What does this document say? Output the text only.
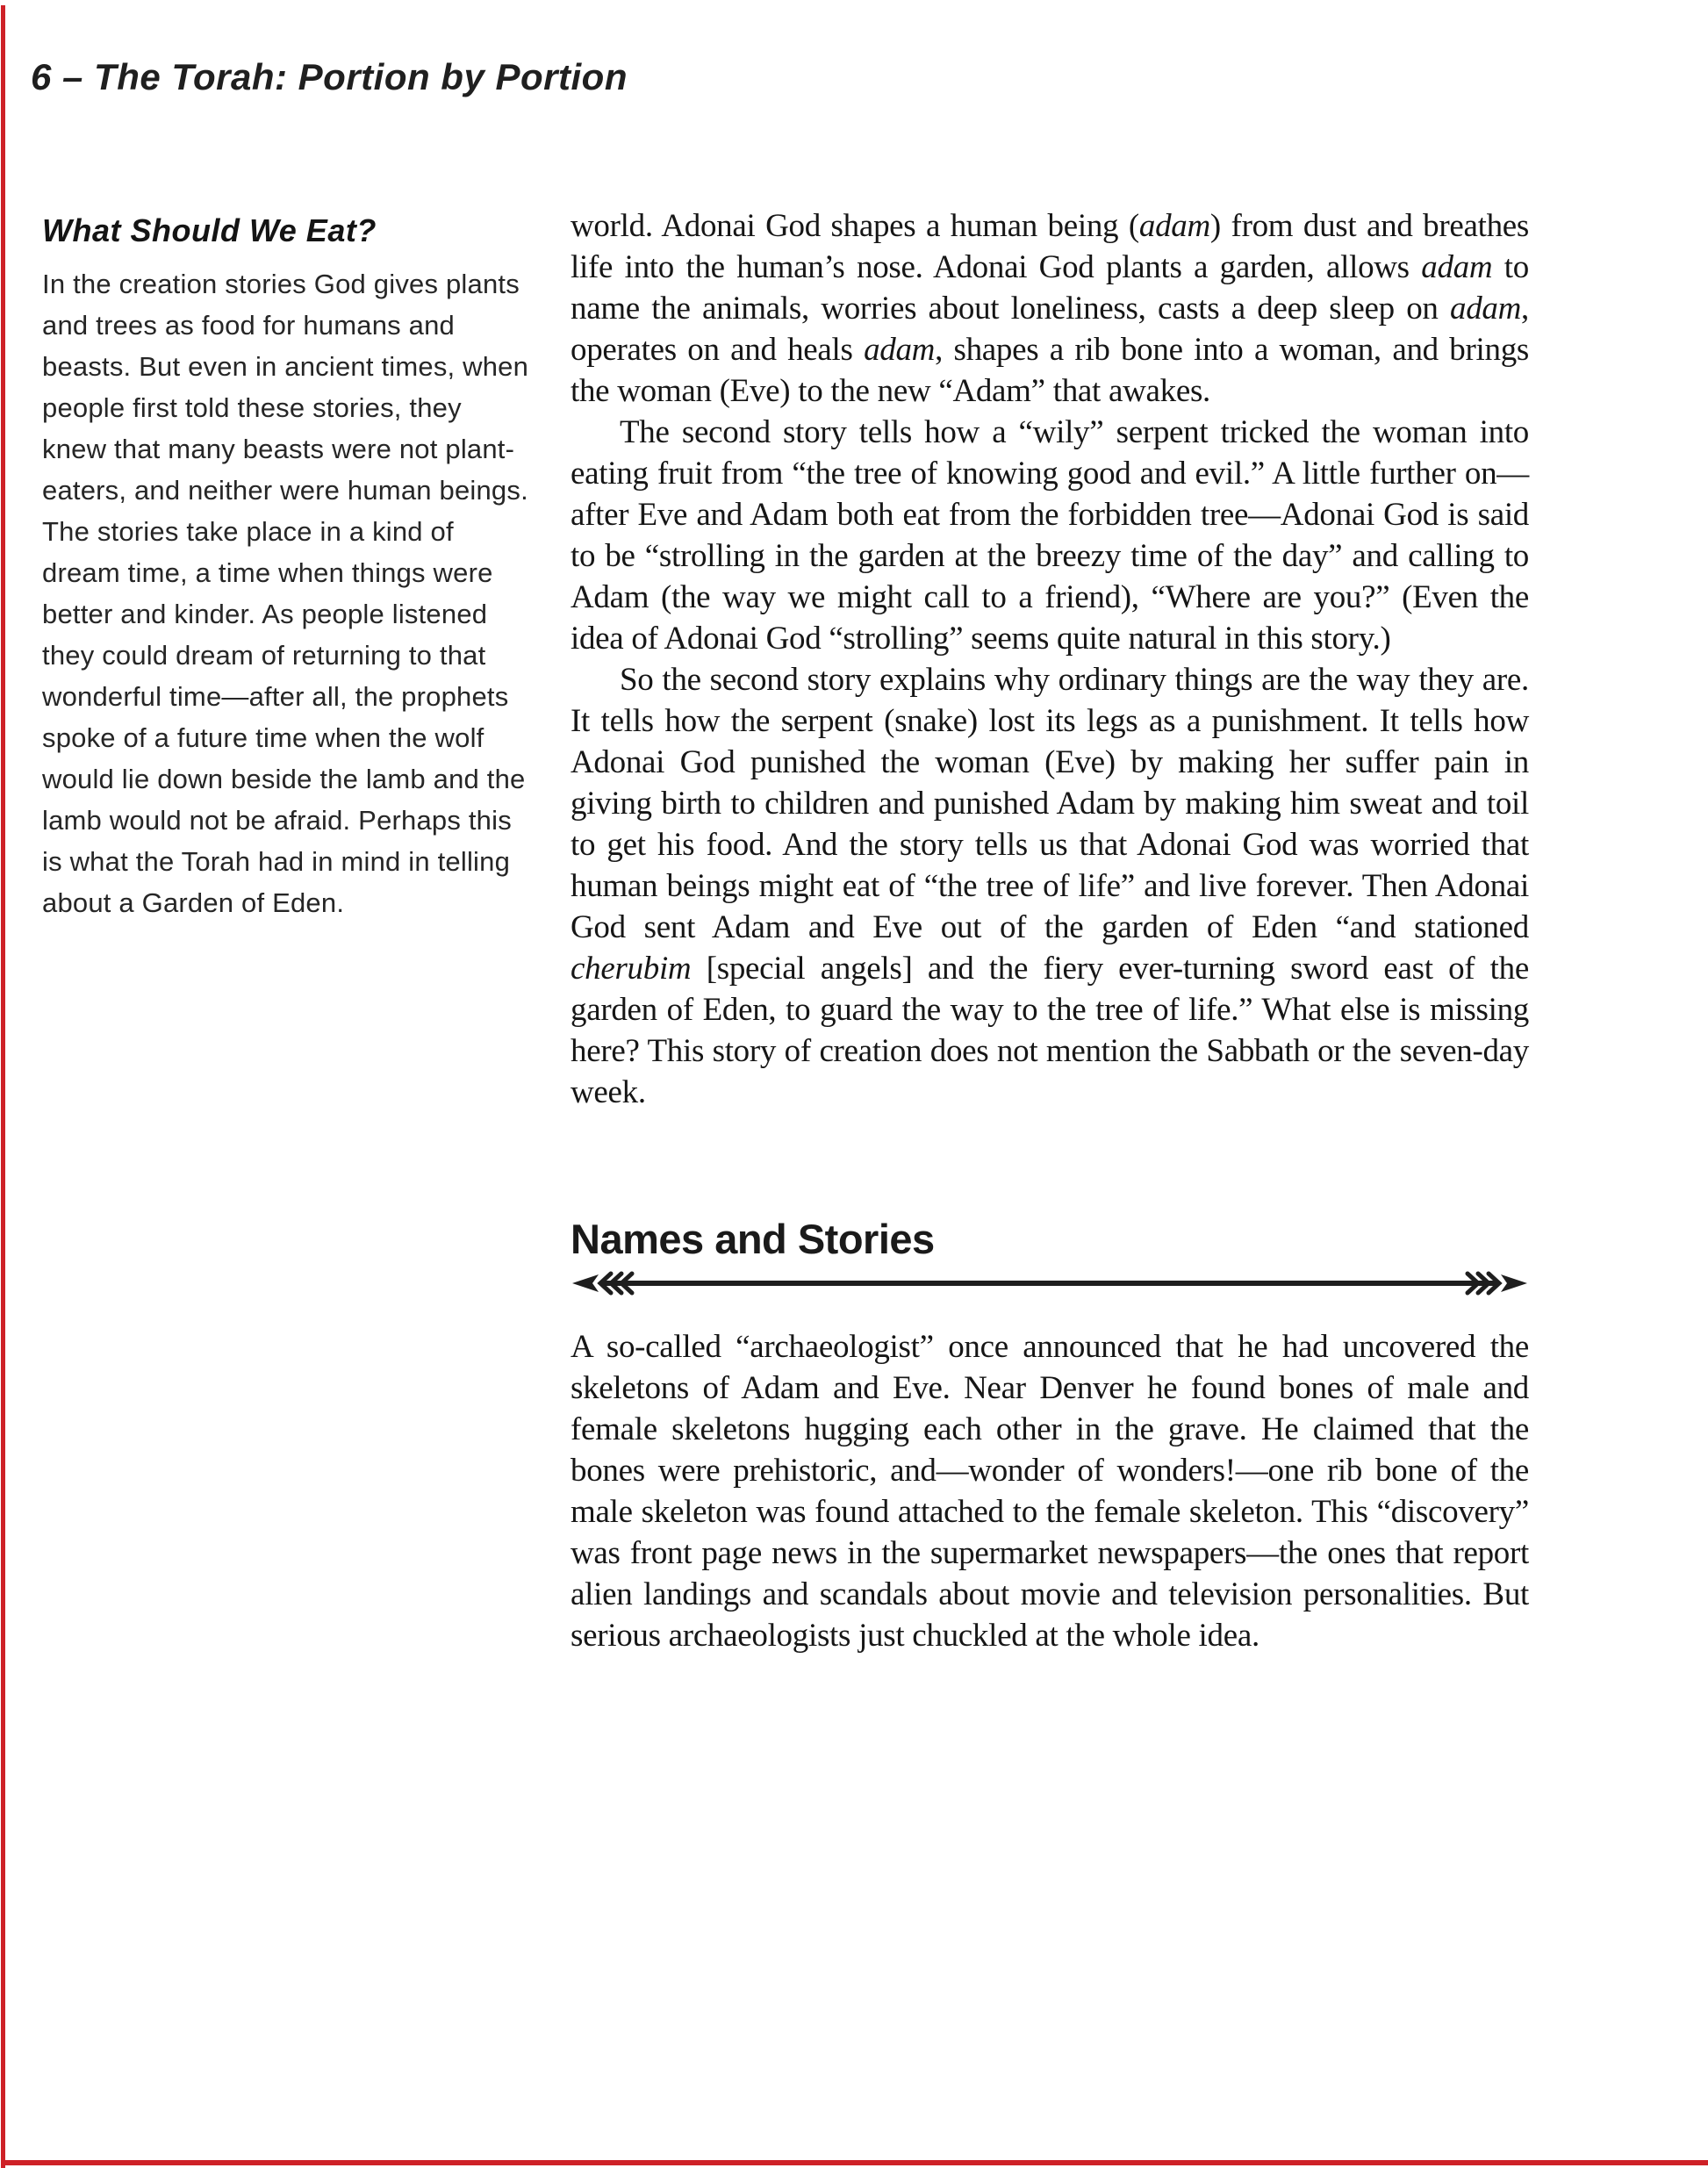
6 – The Torah: Portion by Portion
What Should We Eat?

In the creation stories God gives plants and trees as food for humans and beasts. But even in ancient times, when people first told these stories, they knew that many beasts were not plant-eaters, and neither were human beings. The stories take place in a kind of dream time, a time when things were better and kinder. As people listened they could dream of returning to that wonderful time—after all, the prophets spoke of a future time when the wolf would lie down beside the lamb and the lamb would not be afraid. Perhaps this is what the Torah had in mind in telling about a Garden of Eden.

world. Adonai God shapes a human being (adam) from dust and breathes life into the human’s nose. Adonai God plants a garden, allows adam to name the animals, worries about loneliness, casts a deep sleep on adam, operates on and heals adam, shapes a rib bone into a woman, and brings the woman (Eve) to the new “Adam” that awakes.

The second story tells how a “wily” serpent tricked the woman into eating fruit from “the tree of knowing good and evil.” A little further on—after Eve and Adam both eat from the forbidden tree—Adonai God is said to be “strolling in the garden at the breezy time of the day” and calling to Adam (the way we might call to a friend), “Where are you?” (Even the idea of Adonai God “strolling” seems quite natural in this story.)

So the second story explains why ordinary things are the way they are. It tells how the serpent (snake) lost its legs as a punishment. It tells how Adonai God punished the woman (Eve) by making her suffer pain in giving birth to children and punished Adam by making him sweat and toil to get his food. And the story tells us that Adonai God was worried that human beings might eat of “the tree of life” and live forever. Then Adonai God sent Adam and Eve out of the garden of Eden “and stationed cherubim [special angels] and the fiery ever-turning sword east of the garden of Eden, to guard the way to the tree of life.” What else is missing here? This story of creation does not mention the Sabbath or the seven-day week.

Names and Stories

A so-called “archaeologist” once announced that he had uncovered the skeletons of Adam and Eve. Near Denver he found bones of male and female skeletons hugging each other in the grave. He claimed that the bones were prehistoric, and—wonder of wonders!—one rib bone of the male skeleton was found attached to the female skeleton. This “discovery” was front page news in the supermarket newspapers—the ones that report alien landings and scandals about movie and television personalities. But serious archaeologists just chuckled at the whole idea.
